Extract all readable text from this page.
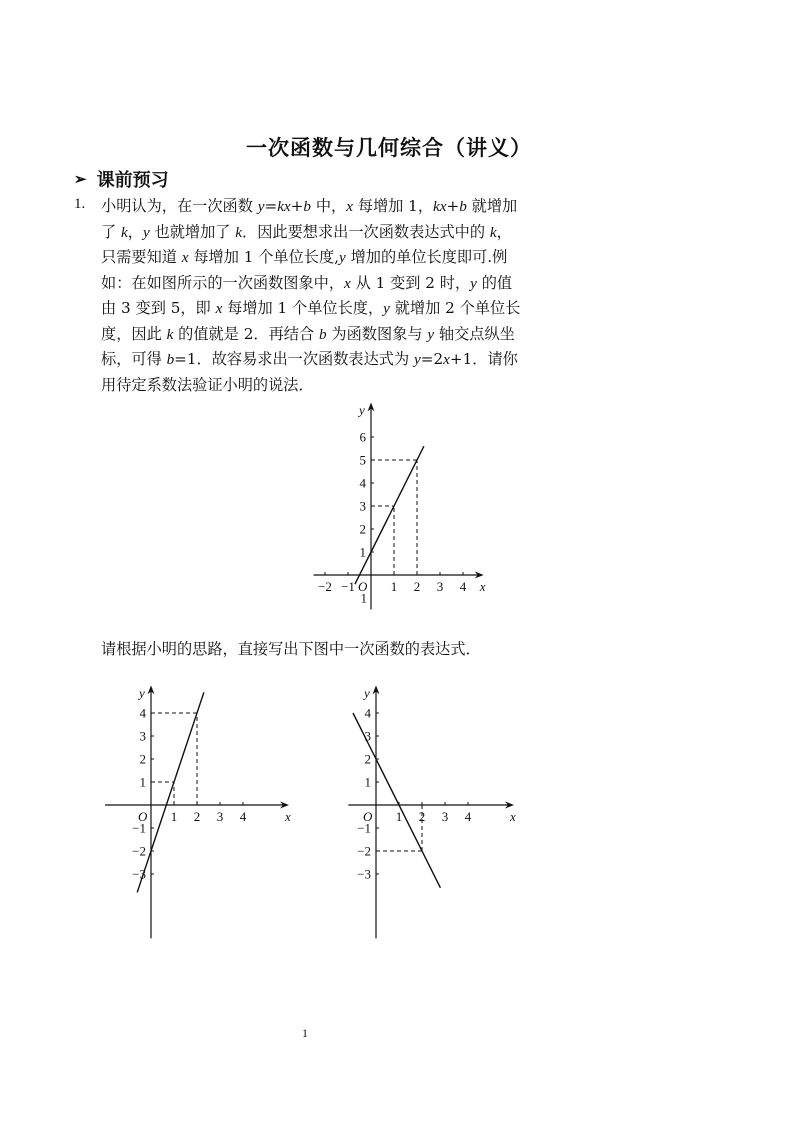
一次函数与几何综合（讲义）
➢ 课前预习
1. 小明认为，在一次函数 y=kx+b 中，x 每增加 1，kx+b 就增加
了 k，y 也就增加了 k．因此要想求出一次函数表达式中的 k，
只需要知道 x 每增加 1 个单位长度,y 增加的单位长度即可.例
如：在如图所示的一次函数图象中，x 从 1 变到 2 时，y 的值
由 3 变到 5，即 x 每增加 1 个单位长度，y 就增加 2 个单位长
度，因此 k 的值就是 2．再结合 b 为函数图象与 y 轴交点纵坐
标，可得 b=1．故容易求出一次函数表达式为 y=2x+1．请你
用待定系数法验证小明的说法．
x
y
O
−2 −1	1 2 3 4
6
5
4
3
2
1
1
请根据小明的思路，直接写出下图中一次函数的表达式．
x
y
O 1 2 3 4
4
3
2
1
−1
−2
−3
x
y
O 1 2 3 4
4
3
2
1
−1
−2
−3
1
